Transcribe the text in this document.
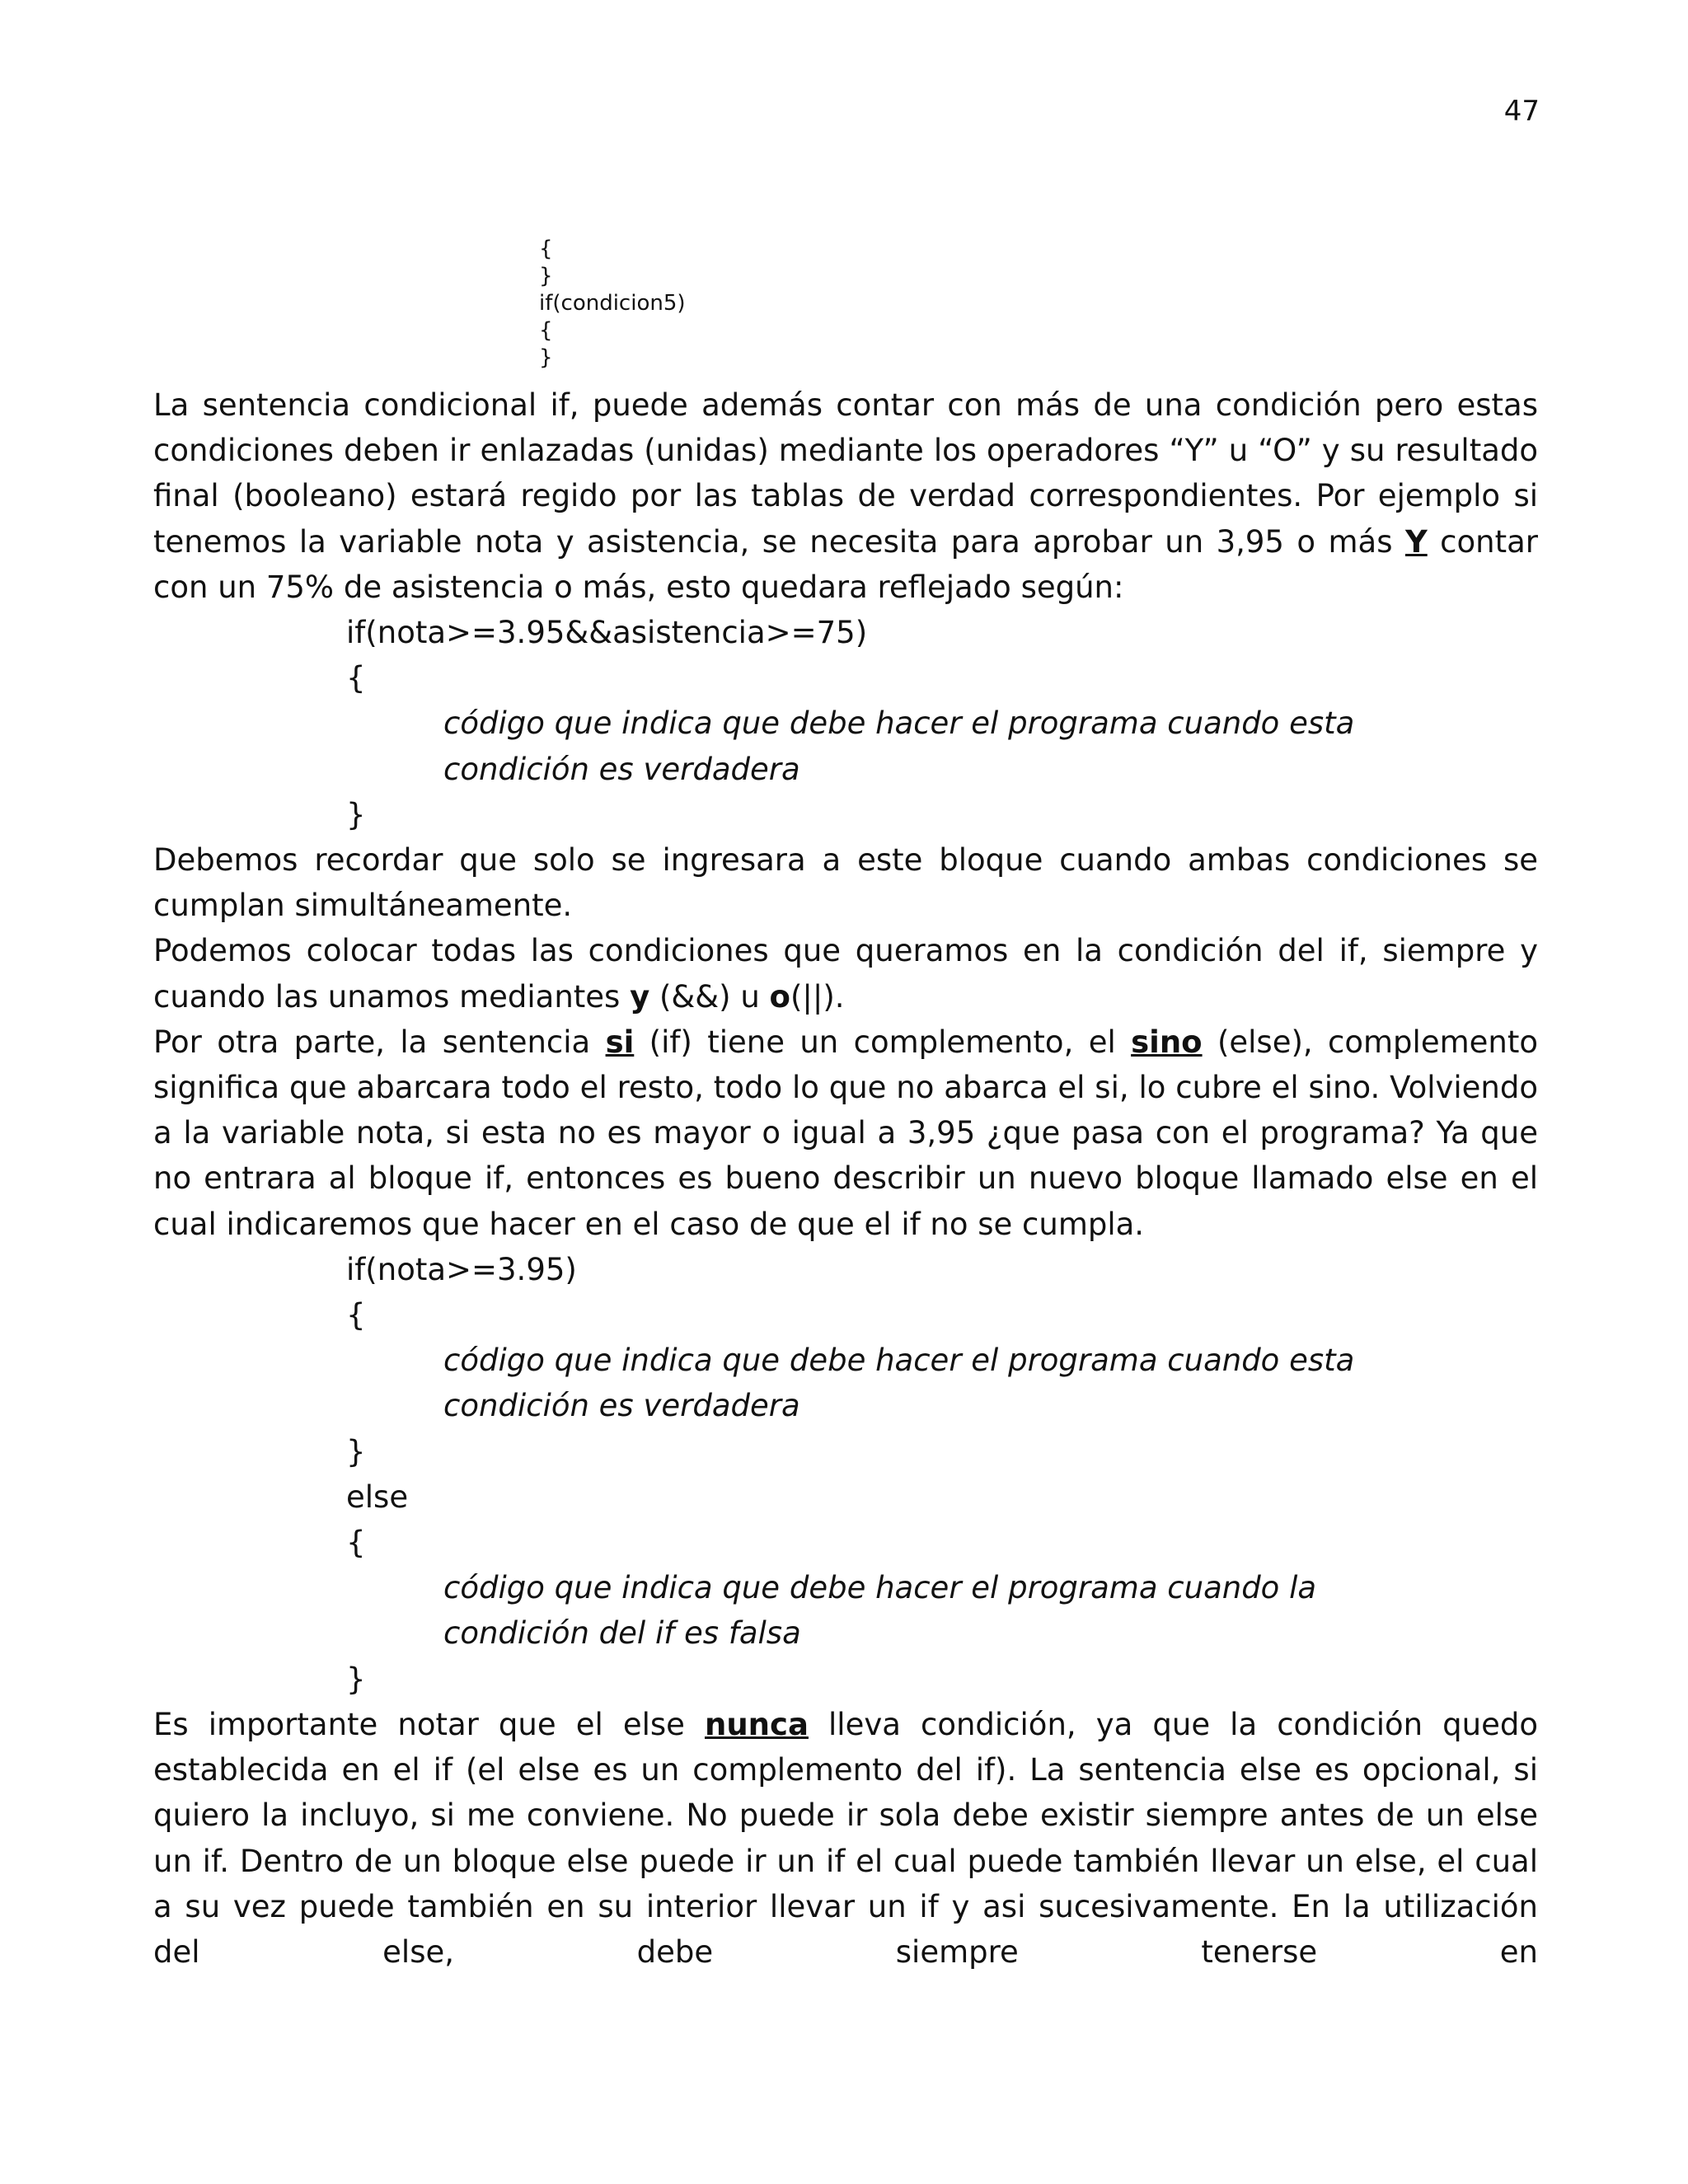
47
{
}
if(condicion5)
{
}

La sentencia condicional if, puede además contar con más de una condición pero estas condiciones deben ir enlazadas (unidas) mediante los operadores “Y” u “O” y su resultado final (booleano) estará regido por las tablas de verdad correspondientes. Por ejemplo si tenemos la variable nota y asistencia, se necesita para aprobar un 3,95 o más Y contar con un 75% de asistencia o más, esto quedara reflejado según:

if(nota>=3.95&&asistencia>=75)

{

código que indica que debe hacer el programa cuando esta

condición es verdadera

}

Debemos recordar que solo se ingresara a este bloque cuando ambas condiciones se cumplan simultáneamente.

Podemos colocar todas las condiciones que queramos en la condición del if, siempre y cuando las unamos mediantes y (&&) u o(||).

Por otra parte, la sentencia si (if) tiene un complemento, el sino (else), complemento significa que abarcara todo el resto, todo lo que no abarca el si, lo cubre el sino. Volviendo a la variable nota, si esta no es mayor o igual a 3,95 ¿que pasa con el programa? Ya que no entrara al bloque if, entonces es bueno describir un nuevo bloque llamado else en el cual indicaremos que hacer en el caso de que el if no se cumpla.

if(nota>=3.95)

{

código que indica que debe hacer el programa cuando esta

condición es verdadera

}

else

{

código que indica que debe hacer el programa cuando la

condición del if es falsa

}

Es importante notar que el else nunca lleva condición, ya que la condición quedo establecida en el if (el else es un complemento del if). La sentencia else es opcional, si quiero la incluyo, si me conviene. No puede ir sola debe existir siempre antes de un else un if. Dentro de un bloque else puede ir un if el cual puede también llevar un else, el cual a su vez puede también en su interior llevar un if y asi sucesivamente. En la utilización del else, debe siempre tenerse en
